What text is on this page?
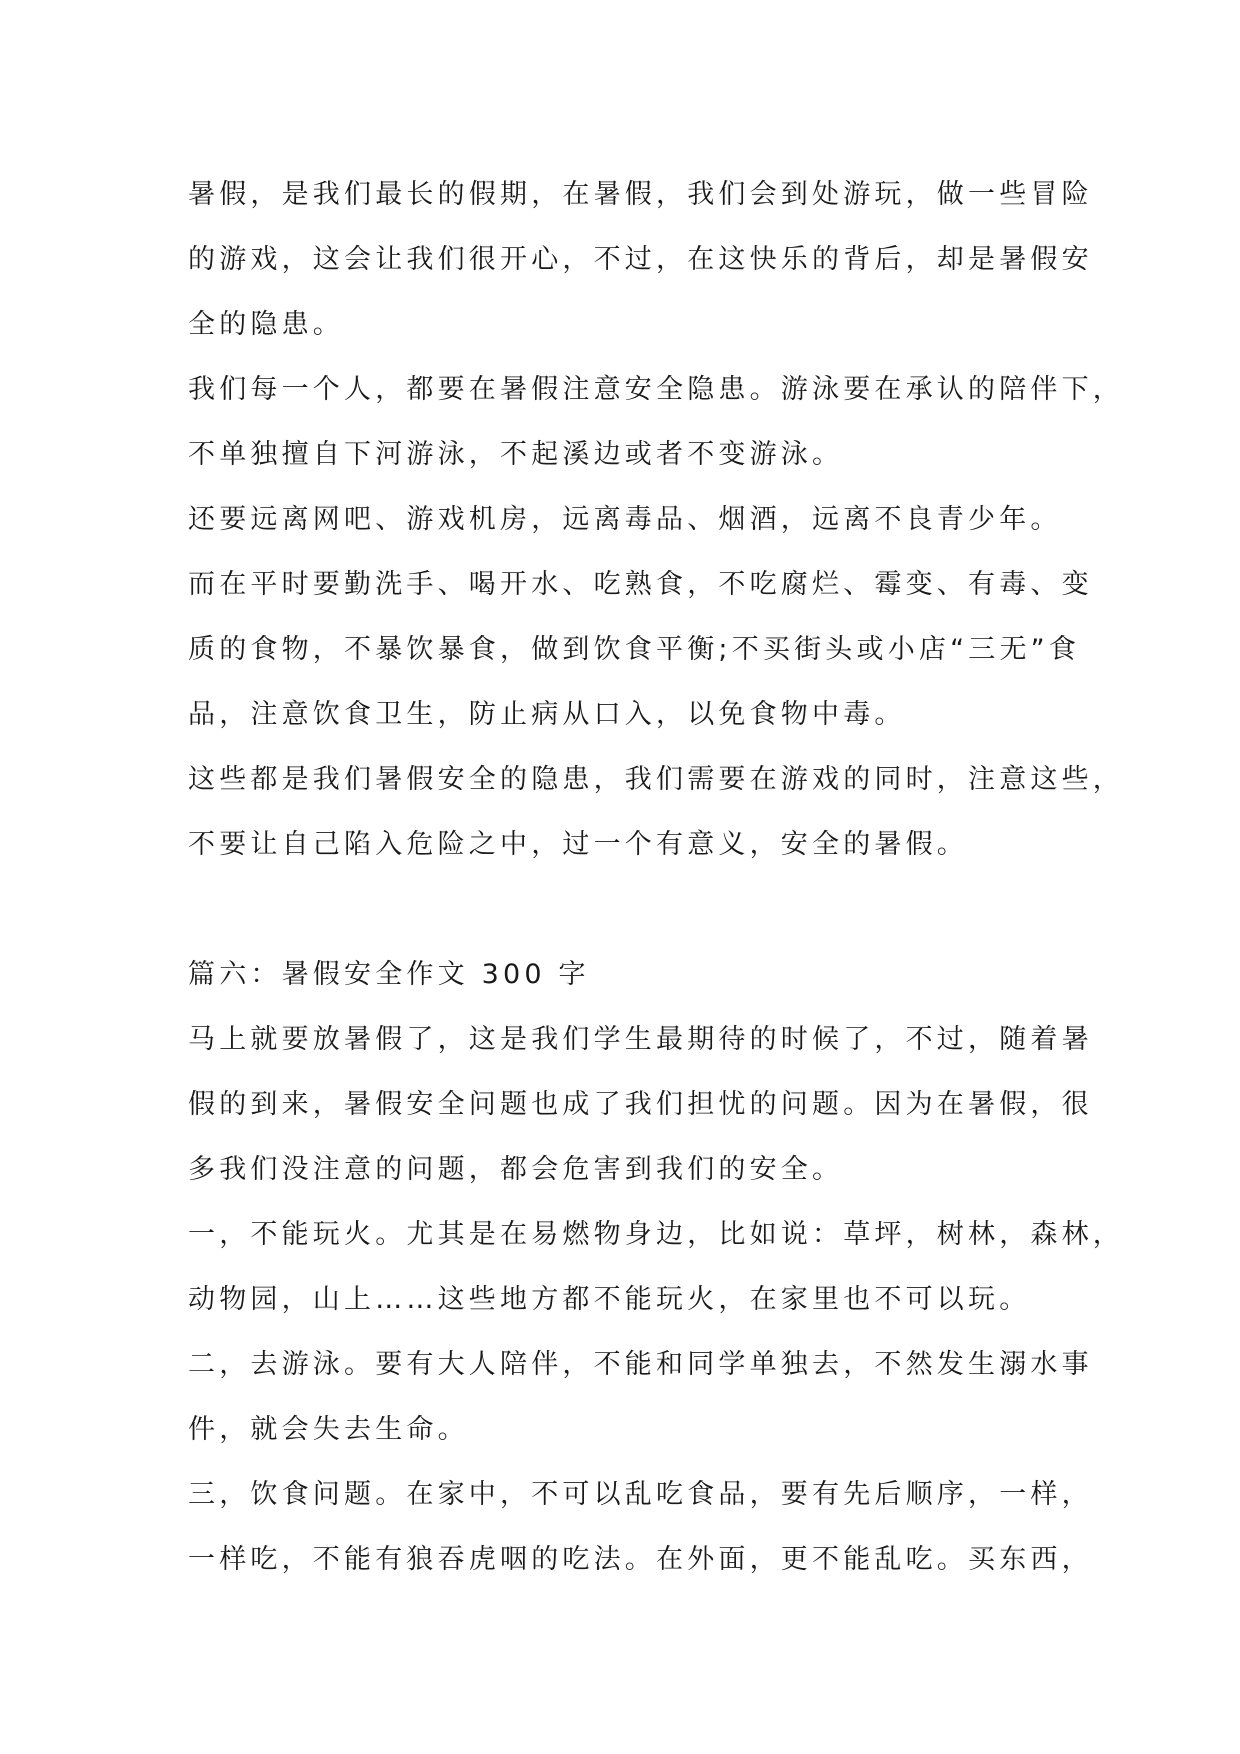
暑假，是我们最长的假期，在暑假，我们会到处游玩，做一些冒险
的游戏，这会让我们很开心，不过，在这快乐的背后，却是暑假安
全的隐患。
我们每一个人，都要在暑假注意安全隐患。游泳要在承认的陪伴下，
不单独擅自下河游泳，不起溪边或者不变游泳。
还要远离网吧、游戏机房，远离毒品、烟酒，远离不良青少年。
而在平时要勤洗手、喝开水、吃熟食，不吃腐烂、霉变、有毒、变
质的食物，不暴饮暴食，做到饮食平衡;不买街头或小店“三无”食
品，注意饮食卫生，防止病从口入，以免食物中毒。
这些都是我们暑假安全的隐患，我们需要在游戏的同时，注意这些，
不要让自己陷入危险之中，过一个有意义，安全的暑假。
篇六：暑假安全作文 300 字
马上就要放暑假了，这是我们学生最期待的时候了，不过，随着暑
假的到来，暑假安全问题也成了我们担忧的问题。因为在暑假，很
多我们没注意的问题，都会危害到我们的安全。
一，不能玩火。尤其是在易燃物身边，比如说：草坪，树林，森林，
动物园，山上……这些地方都不能玩火，在家里也不可以玩。
二，去游泳。要有大人陪伴，不能和同学单独去，不然发生溺水事
件，就会失去生命。
三，饮食问题。在家中，不可以乱吃食品，要有先后顺序，一样，
一样吃，不能有狼吞虎咽的吃法。在外面，更不能乱吃。买东西，
